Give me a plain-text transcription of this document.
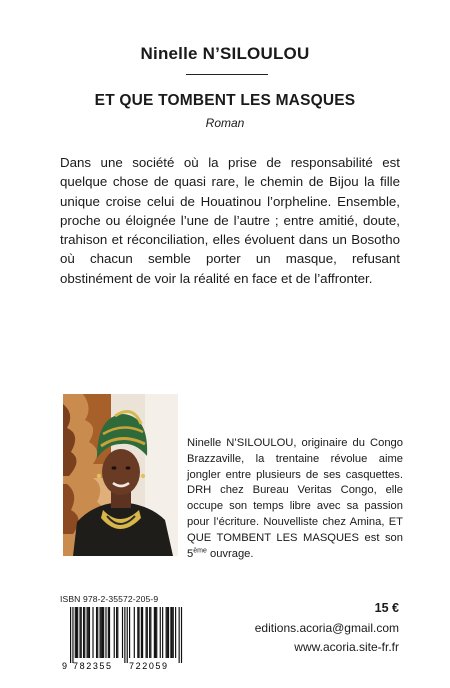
Ninelle N’SILOULOU
ET QUE TOMBENT LES MASQUES
Roman
Dans une société où la prise de responsabilité est quelque chose de quasi rare, le chemin de Bijou la fille unique croise celui de Houatinou l’orpheline. Ensemble, proche ou éloignée l’une de l’autre ; entre amitié, doute, trahison et réconciliation, elles évoluent dans un Bosotho où chacun semble porter un masque, refusant obstinément de voir la réalité en face et de l’affronter.
Ninelle N’SILOULOU, originaire du Congo Brazzaville, la trentaine révolue aime jongler entre plusieurs de ses casquettes. DRH chez Bureau Veritas Congo, elle occupe son temps libre avec sa passion pour l’écriture. Nouvelliste chez Amina, ET QUE TOMBENT LES MASQUES est son 5ème ouvrage.
ISBN 978-2-35572-205-9
9 782355 722059
15 €
editions.acoria@gmail.com
www.acoria.site-fr.fr
